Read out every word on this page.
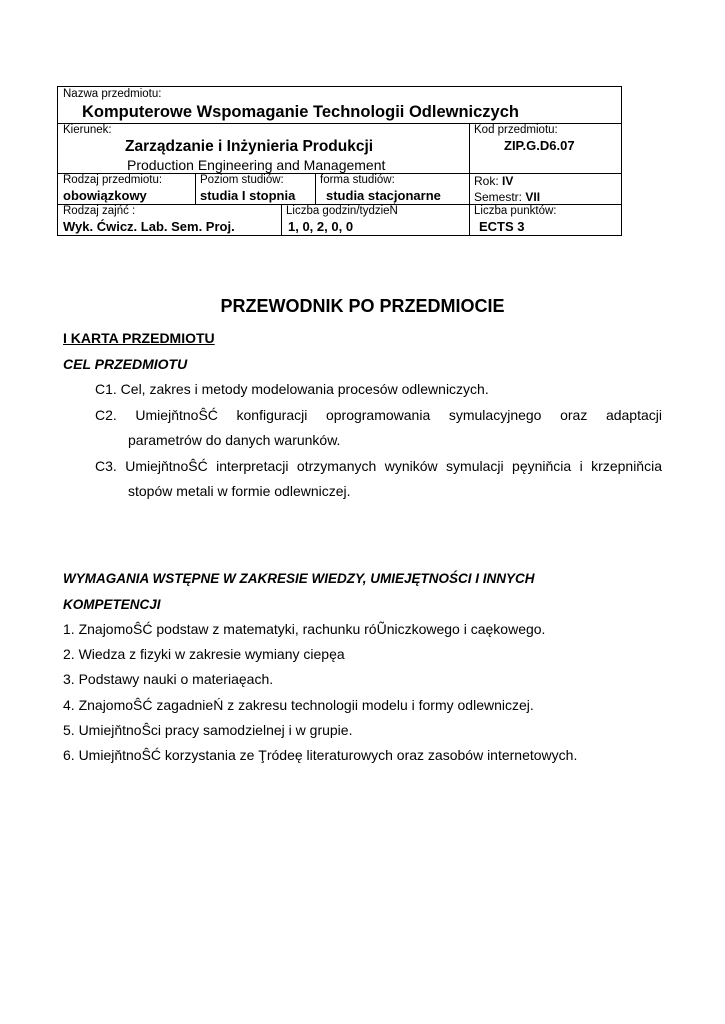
Nazwa przedmiotu:
Komputerowe Wspomaganie Technologii Odlewniczych
Kierunek:
Zarządzanie i Inżynieria Produkcji
Production Engineering and Management
Kod przedmiotu:
ZIP.G.D6.07
Rodzaj przedmiotu:
obowiązkowy
Poziom studiów:
studia I stopnia
forma studiów:
studia stacjonarne
Rok: IV
Semestr: VII
Rodzaj zajńć :
Wyk. Ćwicz. Lab. Sem. Proj.
Liczba godzin/tydzieŃ
1, 0, 2, 0, 0
Liczba punktów:
ECTS 3
PRZEWODNIK PO PRZEDMIOCIE
I KARTA PRZEDMIOTU
CEL PRZEDMIOTU
C1. Cel, zakres i metody modelowania procesów odlewniczych.
C2. UmiejňtnoŜĆ konfiguracji oprogramowania symulacyjnego oraz adaptacji
parametrów do danych warunków.
C3. UmiejňtnoŜĆ interpretacji otrzymanych wyników symulacji pęyniňcia i krzepniňcia
stopów metali w formie odlewniczej.
WYMAGANIA WSTĘPNE W ZAKRESIE WIEDZY, UMIEJĘTNOŚCI I INNYCH
KOMPETENCJI
1. ZnajomoŜĆ podstaw z matematyki, rachunku róŨniczkowego i caękowego.
2. Wiedza z fizyki w zakresie wymiany ciepęa
3. Podstawy nauki o materiaęach.
4. ZnajomoŜĆ zagadnieŃ z zakresu technologii modelu i formy odlewniczej.
5. UmiejňtnoŜci pracy samodzielnej i w grupie.
6. UmiejňtnoŜĆ korzystania ze Ţródeę literaturowych oraz zasobów internetowych.
